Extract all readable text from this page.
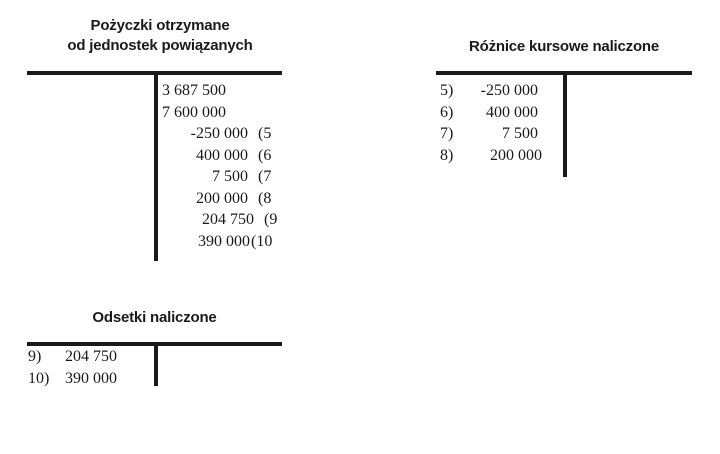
Pożyczki otrzymane
od jednostek powiązanych

3 687 500

7 600 000

-250 000

(5

400 000

(6

7 500

(7

200 000

(8

204 750

(9

390 000

(10

Różnice kursowe naliczone

5)

-250 000

6)

400 000

7)

	7 500

8)

200 000

Odsetki naliczone

9)

204 750

10)

390 000
